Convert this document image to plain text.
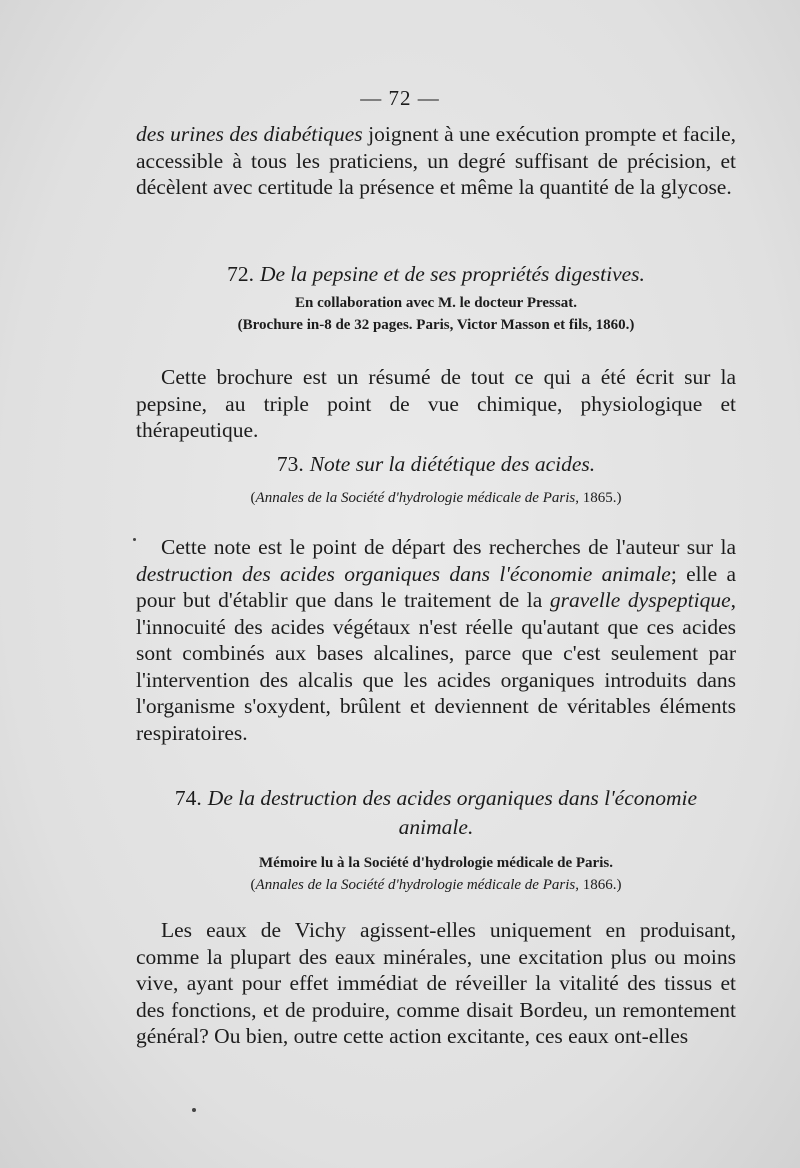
— 72 —

des urines des diabétiques joignent à une exécution prompte et facile, accessible à tous les praticiens, un degré suffisant de précision, et décèlent avec certitude la présence et même la quantité de la glycose.

72. De la pepsine et de ses propriétés digestives.

En collaboration avec M. le docteur Pressat.

(Brochure in-8 de 32 pages. Paris, Victor Masson et fils, 1860.)

Cette brochure est un résumé de tout ce qui a été écrit sur la pepsine, au triple point de vue chimique, physiologique et thérapeutique.

73. Note sur la diététique des acides.

(Annales de la Société d'hydrologie médicale de Paris, 1865.)

Cette note est le point de départ des recherches de l'auteur sur la destruction des acides organiques dans l'économie animale; elle a pour but d'établir que dans le traitement de la gravelle dyspeptique, l'innocuité des acides végétaux n'est réelle qu'autant que ces acides sont combinés aux bases alcalines, parce que c'est seulement par l'intervention des alcalis que les acides organiques introduits dans l'organisme s'oxydent, brûlent et deviennent de véritables éléments respiratoires.

74. De la destruction des acides organiques dans l'économie

animale.

Mémoire lu à la Société d'hydrologie médicale de Paris.

(Annales de la Société d'hydrologie médicale de Paris, 1866.)

Les eaux de Vichy agissent-elles uniquement en produisant, comme la plupart des eaux minérales, une excitation plus ou moins vive, ayant pour effet immédiat de réveiller la vitalité des tissus et des fonctions, et de produire, comme disait Bordeu, un remontement général? Ou bien, outre cette action excitante, ces eaux ont-elles
